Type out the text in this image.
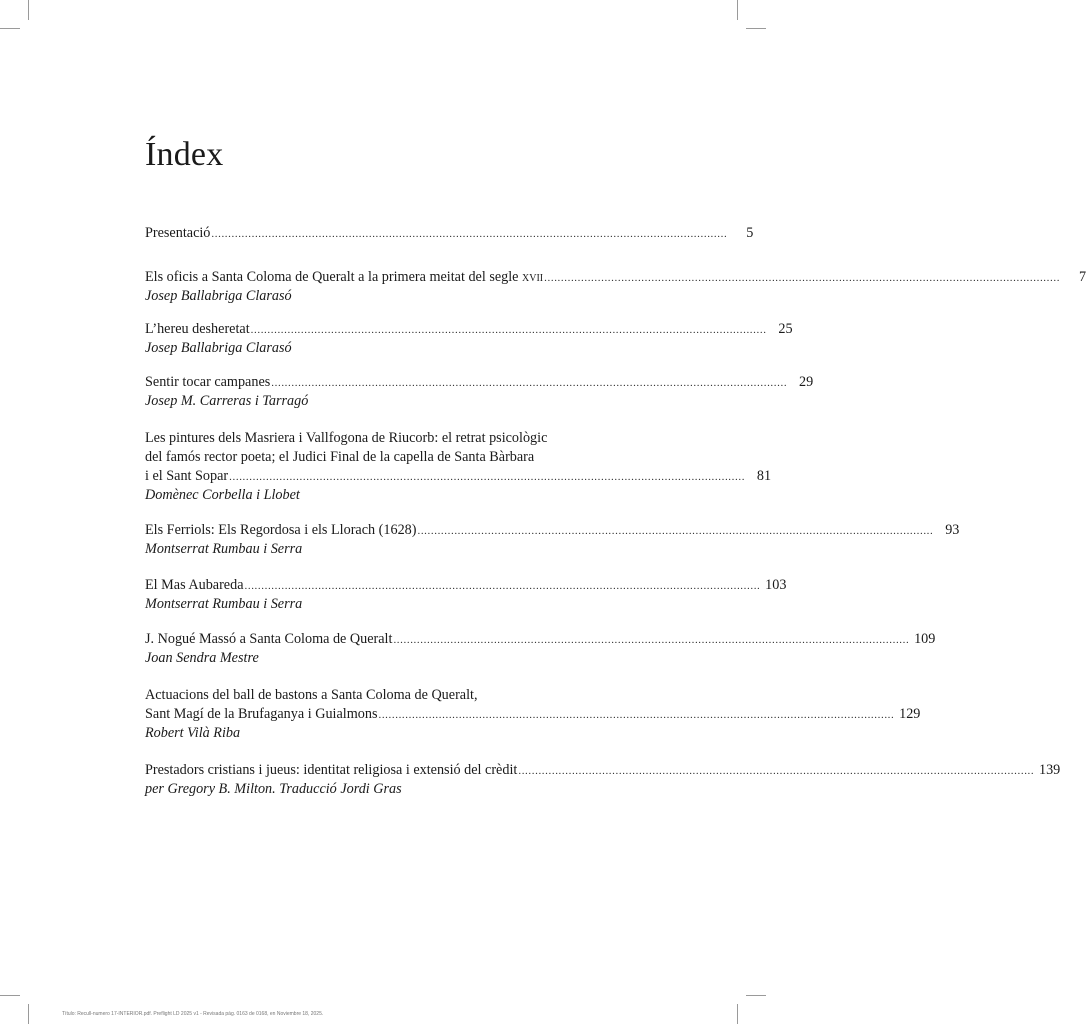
Índex
Presentació ..........................................................................................................................................................	5
Els oficis a Santa Coloma de Queralt a la primera meitat del segle xvii ..........................................................................................................................................................	7
Josep Ballabriga Clarasó
L’hereu desheretat .......................................................................................................................................................... 25
Josep Ballabriga Clarasó
Sentir tocar campanes .......................................................................................................................................................... 29
Josep M. Carreras i Tarragó
Les pintures dels Masriera i Vallfogona de Riucorb: el retrat psicològic
del famós rector poeta; el Judici Final de la capella de Santa Bàrbara
i el Sant Sopar .......................................................................................................................................................... 81
Domènec Corbella i Llobet
Els Ferriols: Els Regordosa i els Llorach (1628) .......................................................................................................................................................... 93
Montserrat Rumbau i Serra
El Mas Aubareda .......................................................................................................................................................... 103
Montserrat Rumbau i Serra
J. Nogué Massó a Santa Coloma de Queralt .......................................................................................................................................................... 109
Joan Sendra Mestre
Actuacions del ball de bastons a Santa Coloma de Queralt,
Sant Magí de la Brufaganya i Guialmons .......................................................................................................................................................... 129
Robert Vilà Riba
Prestadors cristians i jueus: identitat religiosa i extensió del crèdit .......................................................................................................................................................... 139
per Gregory B. Milton. Traducció Jordi Gras
Título: Recull-numero 17-INTERIOR.pdf. Preflight LD 2025 v1 - Revisada pág. 0163 de 0168, en Noviembre 18, 2025.
